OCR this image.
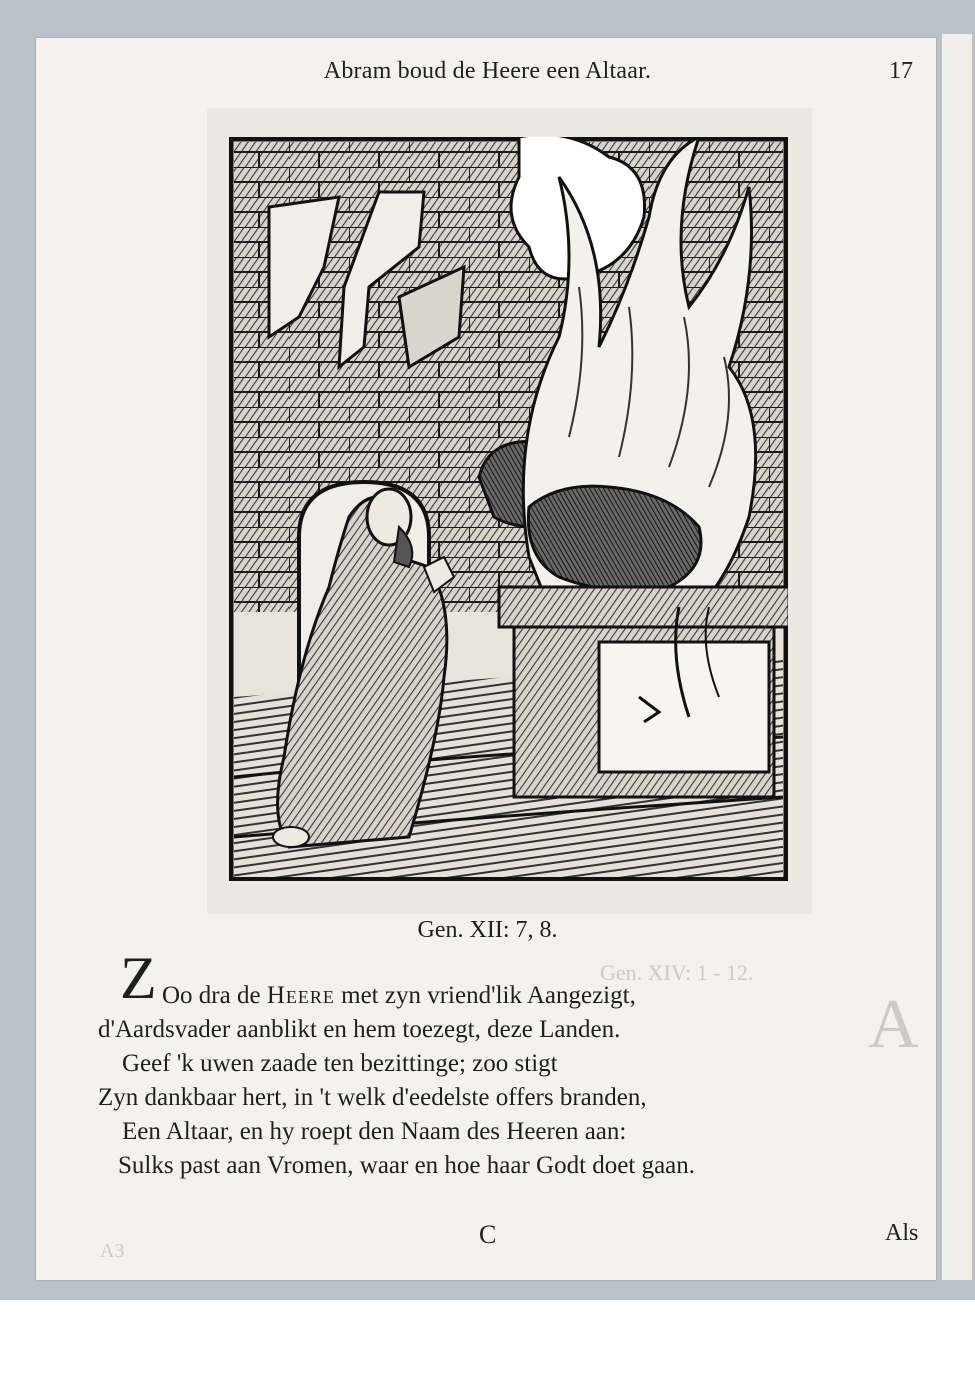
Gen. XIV: 1 - 12.
A
A3
Abram boud de Heere een Altaar.	17
Gen. XII: 7, 8.
Z Oo dra de Heere met zyn vriend'lik Aangezigt,
d'Aardsvader aanblikt en hem toezegt, deze Landen.
Geef 'k uwen zaade ten bezittinge; zoo stigt
Zyn dankbaar hert, in 't welk d'eedelste offers branden,
Een Altaar, en hy roept den Naam des Heeren aan:
Sulks past aan Vromen, waar en hoe haar Godt doet gaan.
C	Als
